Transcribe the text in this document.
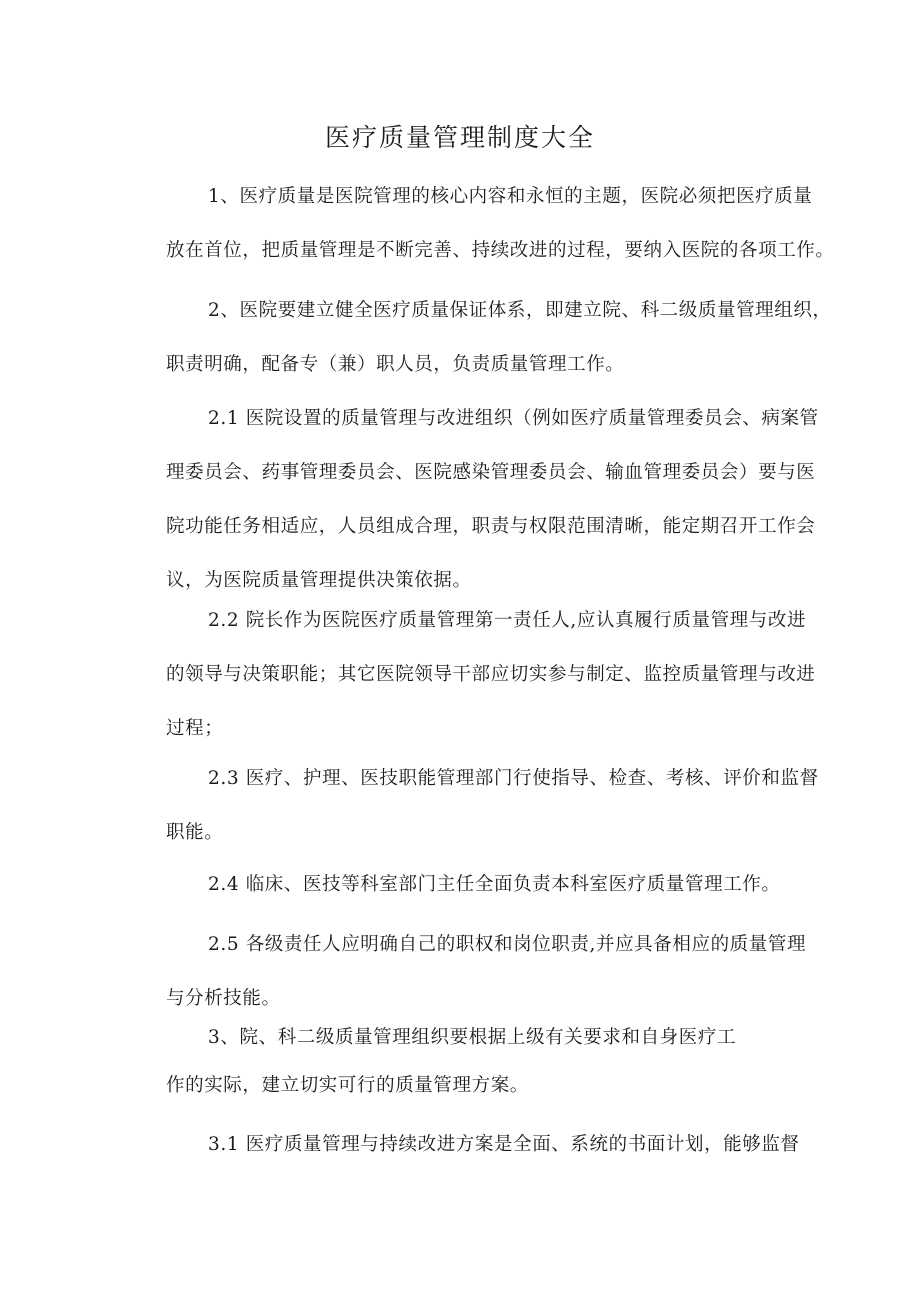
医疗质量管理制度大全
1、医疗质量是医院管理的核心内容和永恒的主题，医院必须把医疗质量
放在首位，把质量管理是不断完善、持续改进的过程，要纳入医院的各项工作。
2、医院要建立健全医疗质量保证体系，即建立院、科二级质量管理组织，
职责明确，配备专（兼）职人员，负责质量管理工作。
2.1 医院设置的质量管理与改进组织（例如医疗质量管理委员会、病案管
理委员会、药事管理委员会、医院感染管理委员会、输血管理委员会）要与医
院功能任务相适应，人员组成合理，职责与权限范围清晰，能定期召开工作会
议，为医院质量管理提供决策依据。
2.2 院长作为医院医疗质量管理第一责任人,应认真履行质量管理与改进
的领导与决策职能；其它医院领导干部应切实参与制定、监控质量管理与改进
过程；
2.3 医疗、护理、医技职能管理部门行使指导、检查、考核、评价和监督
职能。
2.4 临床、医技等科室部门主任全面负责本科室医疗质量管理工作。
2.5 各级责任人应明确自己的职权和岗位职责,并应具备相应的质量管理
与分析技能。
3、院、科二级质量管理组织要根据上级有关要求和自身医疗工
作的实际，建立切实可行的质量管理方案。
3.1 医疗质量管理与持续改进方案是全面、系统的书面计划，能够监督
